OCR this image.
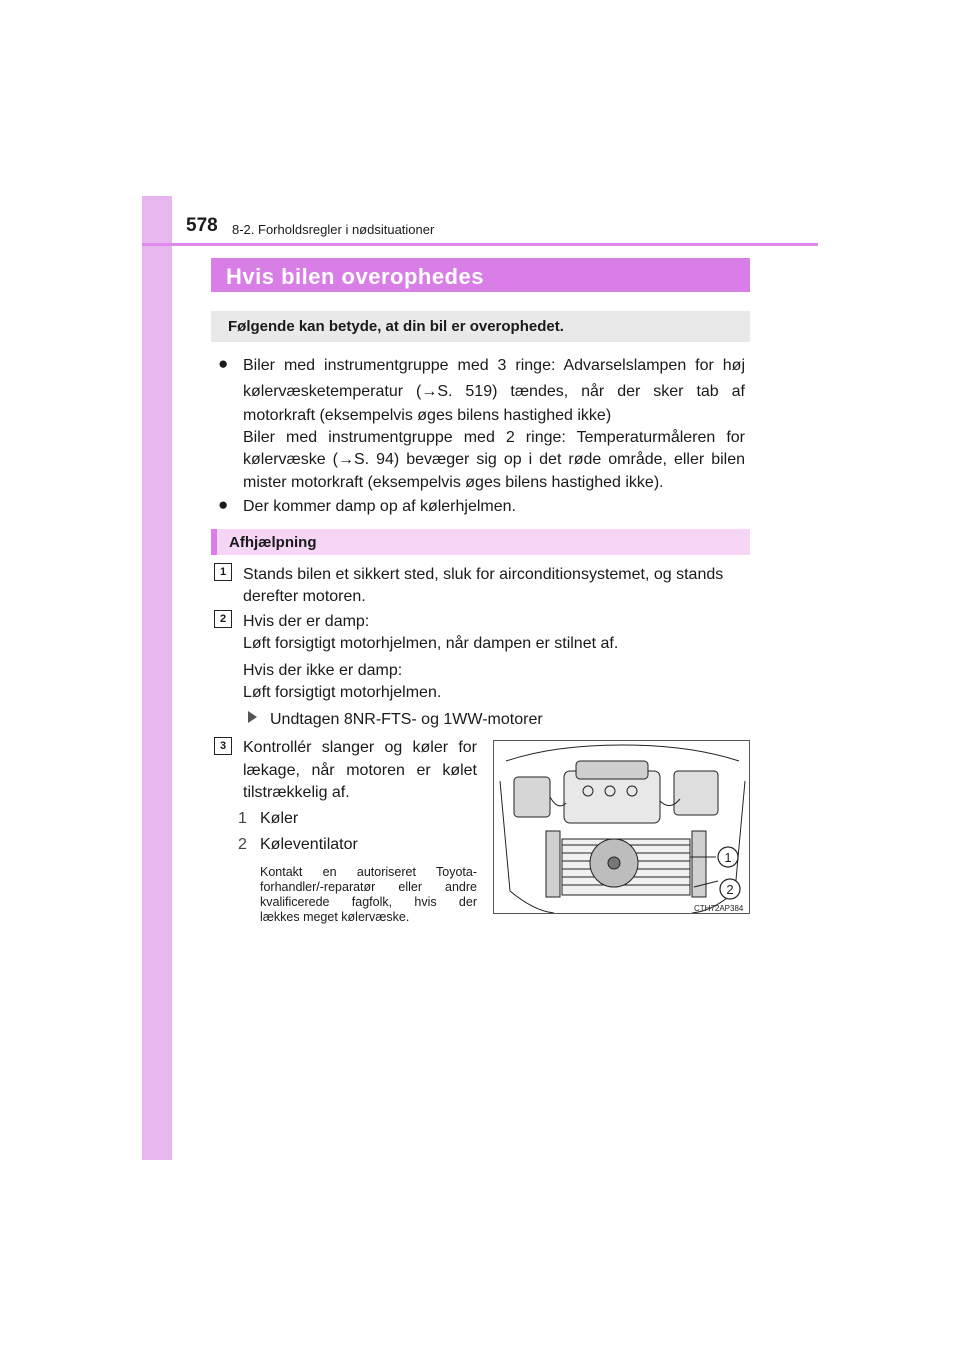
578 8-2. Forholdsregler i nødsituationer
Hvis bilen overophedes
Følgende kan betyde, at din bil er overophedet.
● Biler med instrumentgruppe med 3 ringe: Advarselslampen for høj
kølervæsketemperatur (→S. 519) tændes, når der sker tab af
motorkraft (eksempelvis øges bilens hastighed ikke)
Biler med instrumentgruppe med 2 ringe: Temperaturmåleren for
kølervæske (→S. 94) bevæger sig op i det røde område, eller bilen
mister motorkraft (eksempelvis øges bilens hastighed ikke).
● Der kommer damp op af kølerhjelmen.
Afhjælpning
1	Stands bilen et sikkert sted, sluk for airconditionsystemet, og stands
derefter motoren.
2	Hvis der er damp:
Løft forsigtigt motorhjelmen, når dampen er stilnet af.
Hvis der ikke er damp:
Løft forsigtigt motorhjelmen.
Undtagen 8NR-FTS- og 1WW-motorer
3	Kontrollér slanger og køler for
lækage, når motoren er kølet
tilstrækkelig af.
1 Køler
2 Køleventilator
Kontakt en autoriseret Toyota-
forhandler/-reparatør eller andre
kvalificerede fagfolk, hvis der
lækkes meget kølervæske.
1
2
CTH72AP384
